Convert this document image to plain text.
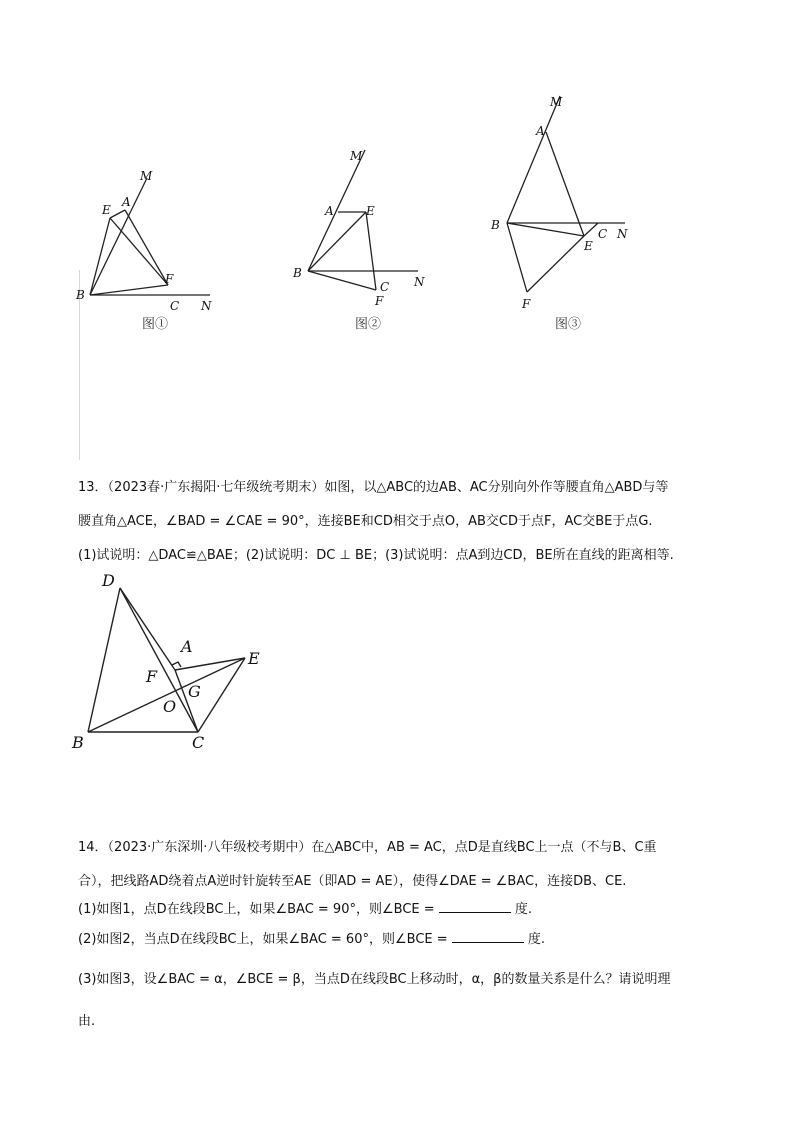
M
E
A
F
B
C N
图①
M
A	E
B
N
C
F
图②
M
A
B
C N
E
F
图③
13．（2023春·广东揭阳·七年级统考期末）如图，以△ABC的边AB、AC分别向外作等腰直角△ABD与等
腰直角△ACE，∠BAD = ∠CAE = 90°，连接BE和CD相交于点O，AB交CD于点F，AC交BE于点G.
(1)试说明：△DAC≌△BAE；(2)试说明：DC ⊥ BE；(3)试说明：点A到边CD，BE所在直线的距离相等.
D
A
E
F
G
O
B	C
14．（2023·广东深圳·八年级校考期中）在△ABC中，AB = AC，点D是直线BC上一点（不与B、C重
合），把线路AD绕着点A逆时针旋转至AE（即AD = AE），使得∠DAE = ∠BAC，连接DB、CE.
(1)如图1，点D在线段BC上，如果∠BAC = 90°，则∠BCE =	度.
(2)如图2，当点D在线段BC上，如果∠BAC = 60°，则∠BCE =	度.
(3)如图3，设∠BAC = α，∠BCE = β，当点D在线段BC上移动时，α，β的数量关系是什么？请说明理
由.
